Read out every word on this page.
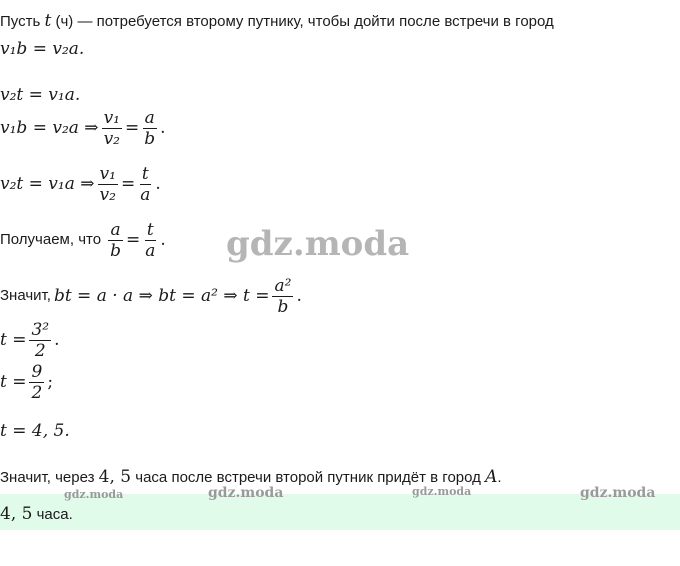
Пусть t (ч) — потребуется второму путнику, чтобы дойти после встречи в город
v₁b = v₂a.
v₂t = v₁a.
v₁b = v₂a ⇒ $\frac{\text{v₁}}{\text{v₂}} = \frac{a}{b}$ .
v₂t = v₁a ⇒ $\frac{\text{v₁}}{\text{v₂}} = \frac{t}{a}$ .
Получаем, что $\frac{a}{b} = \frac{t}{a}$ . gdz.moda
Значит, bt = a · a ⇒ bt = a² ⇒ $t = \frac{\text{a²}}{b}$ .
$t = \frac{\text{3²}}{2}$ .
$t = \frac{9}{2}$ ;
t = 4, 5.
Значит, через 4, 5 часа после встречи второй путник придёт в город A.
4, 5 часа.
gdz.moda	gdz.moda	gdz.moda	gdz.moda
